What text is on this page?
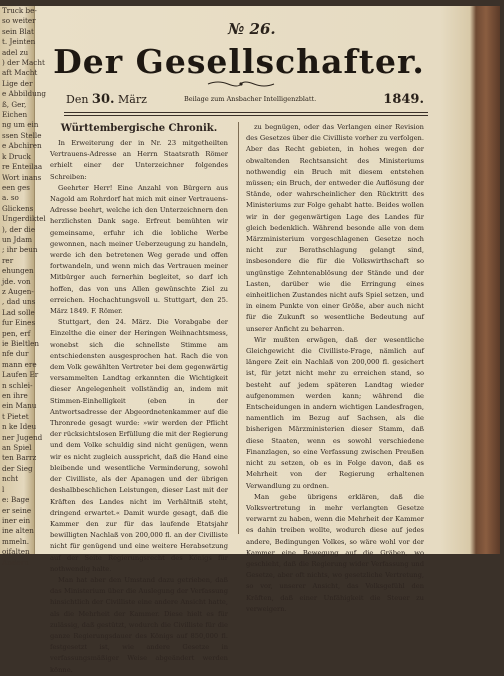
Truck be-
so weiter
sein Blat
t. Jeinten
adel zu
) der Macht
aft Macht
Lige der
e Abbildung
ß, Ger,
Eichen
ng um ein
ssen Stelle
e Abchiren
k Druck
re Enteilaa
Wort inans
een ges
a. so
Glickens
Ungerdiktel
), der die
un Jdam
; ihr beun
rer
ehungen
jde. von
z Augen-
, dad uns
Lad solle
fur Eines
pen, erf
ie Bieltlen
nfe dur
mann ere
Laufen Er
n schlei-
en ihre
ein Manu
t Pietet
n ke Ideu
ner Jugend
an Spiel
ten Barrz
der Sieg
ncht
l
e: Bage
er seine
iner ein
ine alten
mmeln.
oifalten
Andern
№ 26.
Der Gesellschafter.
Den 30. März	Beilage zum Ansbacher Intelligenzblatt.	1849.
Württembergische Chronik.

In Erweiterung der in Nr. 23 mitgetheilten Vertrauens-Adresse an Herrn Staatsrath Römer erhielt einer der Unterzeichner folgendes Schreiben:

Geehrter Herr! Eine Anzahl von Bürgern aus Nagold am Rohrdorf hat mich mit einer Vertrauens-Adresse beehrt, welche ich den Unterzeichnern den herzlichsten Dank sage. Erfreut bemühten wir gemeinsame, erfuhr ich die lobliche Werbe gewonnen, nach meiner Ueberzeugung zu handeln, werde ich den betretenen Weg gerade und offen fortwandeln, und wenn mich das Vertrauen meiner Mitbürger auch fernerhin begleitet, so darf ich hoffen, das von uns Allen gewünschte Ziel zu erreichen. Hochachtungsvoll u. Stuttgart, den 25. März 1849. F. Römer.

Stuttgart, den 24. März. Die Vorabgabe der Einzelthe die einer der Heringen Weihnachtsmess, wonebst sich die schnellste Stimme am entschiedensten ausgesprochen hat. Rach die von dem Volk gewählten Vertreter bei dem gegenwärtig versammelten Landtag erkannten die Wichtigkeit dieser Angelegenheit vollständig an, indem mit Stimmen-Einhelligkeit (eben in der Antwortsadresse der Abgeordnetenkammer auf die Thronrede gesagt wurde: »wir werden der Pflicht der rücksichtslosen Erfüllung die mit der Regierung und dem Volke schuldig sind nicht genügen, wenn wir es nicht zugleich ausspricht, daß die Hand eine bleibende und wesentliche Verminderung, sowohl der Civilliste, als der Apanagen und der übrigen deshalbbeschlichen Leistungen, dieser Last mit der Kräften des Landes nicht im Verhältniß steht, dringend erwartet.« Damit wurde gesagt, daß die Kammer den zur für das laufende Etatsjahr bewilligten Nachlaß von 200,000 fl. an der Civilliste nicht für genügend und eine weitere Herabsetzung auf der Seite Regierungsrecht des Königs für nothwendig halte.

Man hat aber den Umstand dazu getrieben, daß das Ministerium über die Auslegung der Verfassung hinsichtlich der Civilliste eine andere Ansicht hatte, als die Mehrheit der Kammer. Diese hielt es für zulässig, daß gestützt, wodurch die Civilliste für die ganze Regierungsdauer des Königs auf 850,000 fl. festgesetzt ist, wie andere Gesetze in verfassungsmäßiger Weise abgeändert werden könne.

zu begnügen, oder das Verlangen einer Revision des Gesetzes über die Civilliste vorher zu verfolgen. Aber das Recht gebieten, in hohes wegen der obwaltenden Rechtsansicht des Ministeriums nothwendig ein Bruch mit diesem entstehen müssen; ein Bruch, der entweder die Auflösung der Stände, oder wahrscheinlicher den Rücktritt des Ministeriums zur Folge gehabt hatte. Beides wollen wir in der gegenwärtigen Lage des Landes für gleich bedenklich. Während besonde alle von dem Märzministerium vorgeschlagenen Gesetze noch nicht zur Berathschlagung gelangt sind, insbesondere die für die Volkswirthschaft so ungünstige Zehntenablösung der Stände und der Lasten, darüber wie die Erringung eines einheitlichen Zustandes nicht aufs Spiel setzen, und in einem Punkte von einer Größe, aber auch nicht für die Zukunft so wesentliche Bedeutung auf unserer Anficht zu beharren.

Wir mußten erwägen, daß der wesentliche Gleichgewicht die Civilliste-Frage, nämlich auf längere Zeit ein Nachlaß von 200,000 fl. gesichert ist, für jetzt nicht mehr zu erreichen stand, so besteht auf jedem späteren Landtag wieder aufgenommen werden kann; während die Entscheidungen in andern wichtigen Landesfragen, namentlich im Bezug auf Sachsen, als die bisherigen Märzministerien dieser Stamm, daß diese Staaten, wenn es sowohl verschiedene Finanzlagen, so eine Verfassung zwischen Preußen nicht zu setzen, ob es in Folge davon, daß es Mehrheit von der Regierung erhaltenen Verwandlung zu ordnen.

Man gebe übrigens erklären, daß die Volksvertretung in mehr verlangten Gesetze verwarnt zu haben, wenn die Mehrheit der Kammer es dahin treiben wollte, wodurch diese auf jedes andere, Bedingungen Volkes, so wäre wohl vor der Kammer eine Bewegung auf die Gräben, wo geschieht, daß die Regierung wider Verfassung und Gesetze, aber oft nichts, wo gesetzliche Vertretung, so vor, unserer Ansicht, das Volksgefühl den Kräften, daß einer Unfähigkeit die Steuer zu verweigern.
